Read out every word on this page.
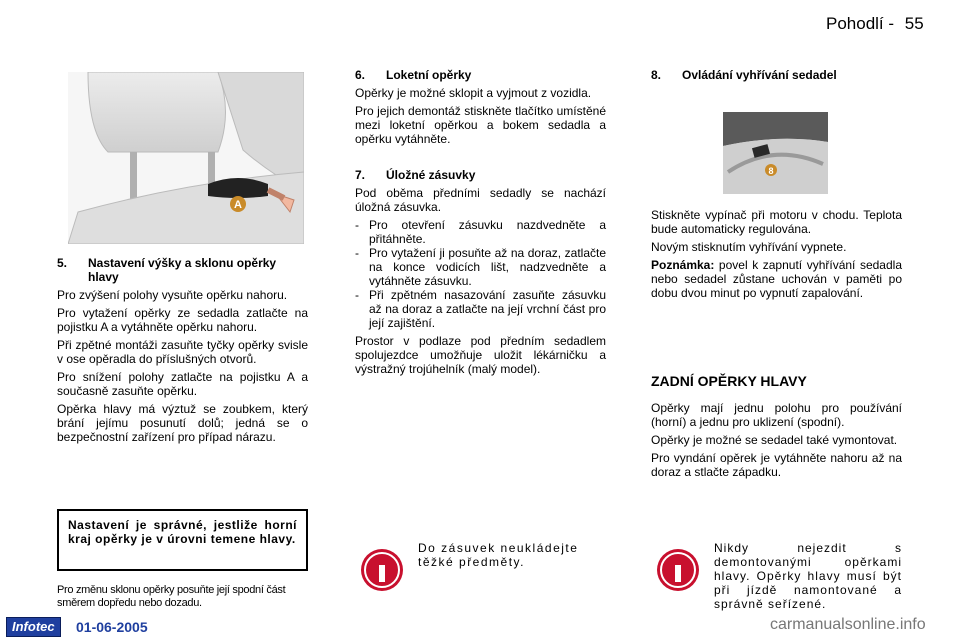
Pohodlí - 55
A
5.	Nastavení výšky a sklonu opěrky hlavy

Pro zvýšení polohy vysuňte opěrku nahoru.

Pro vytažení opěrky ze sedadla zatlačte na pojistku A a vytáhněte opěrku nahoru.

Při zpětné montáži zasuňte tyčky opěrky svisle v ose opěradla do příslušných otvorů.

Pro snížení polohy zatlačte na pojistku A a současně zasuňte opěrku.

Opěrka hlavy má výztuž se zoubkem, který brání jejímu posunutí dolů; jedná se o bezpečnostní zařízení pro případ nárazu.

Nastavení je správné, jestliže horní kraj opěrky je v úrovni temene hlavy.
Pro změnu sklonu opěrky posuňte její spodní část směrem dopředu nebo dozadu.
6.	Loketní opěrky

Opěrky je možné sklopit a vyjmout z vozidla.

Pro jejich demontáž stiskněte tlačítko umístěné mezi loketní opěrkou a bokem sedadla a opěrku vytáhněte.

7.	Úložné zásuvky

Pod oběma předními sedadly se nachází úložná zásuvka.

- Pro otevření zásuvku nazdvedněte a přitáhněte.
- Pro vytažení ji posuňte až na doraz, zatlačte na konce vodicích lišt, nadzvedněte a vytáhněte zásuvku.
- Při zpětném nasazování zasuňte zásuvku až na doraz a zatlačte na její vrchní část pro její zajištění.

Prostor v podlaze pod předním sedadlem spolujezdce umožňuje uložit lékárničku a výstražný trojúhelník (malý model).

Do zásuvek neukládejte těžké předměty.
8.	Ovládání vyhřívání sedadel
8

Stiskněte vypínač při motoru v chodu. Teplota bude automaticky regulována.

Novým stisknutím vyhřívání vypnete.

Poznámka: povel k zapnutí vyhřívání sedadla nebo sedadel zůstane uchován v paměti po dobu dvou minut po vypnutí zapalování.

ZADNÍ OPĚRKY HLAVY

Opěrky mají jednu polohu pro používání (horní) a jednu pro uklizení (spodní).

Opěrky je možné se sedadel také vymontovat.

Pro vyndání opěrek je vytáhněte nahoru až na doraz a stlačte západku.

Nikdy nejezdit s demontovanými opěrkami hlavy. Opěrky hlavy musí být při jízdě namontované a správně seřízené.
Infotec	01-06-2005	carmanualsonline.info
